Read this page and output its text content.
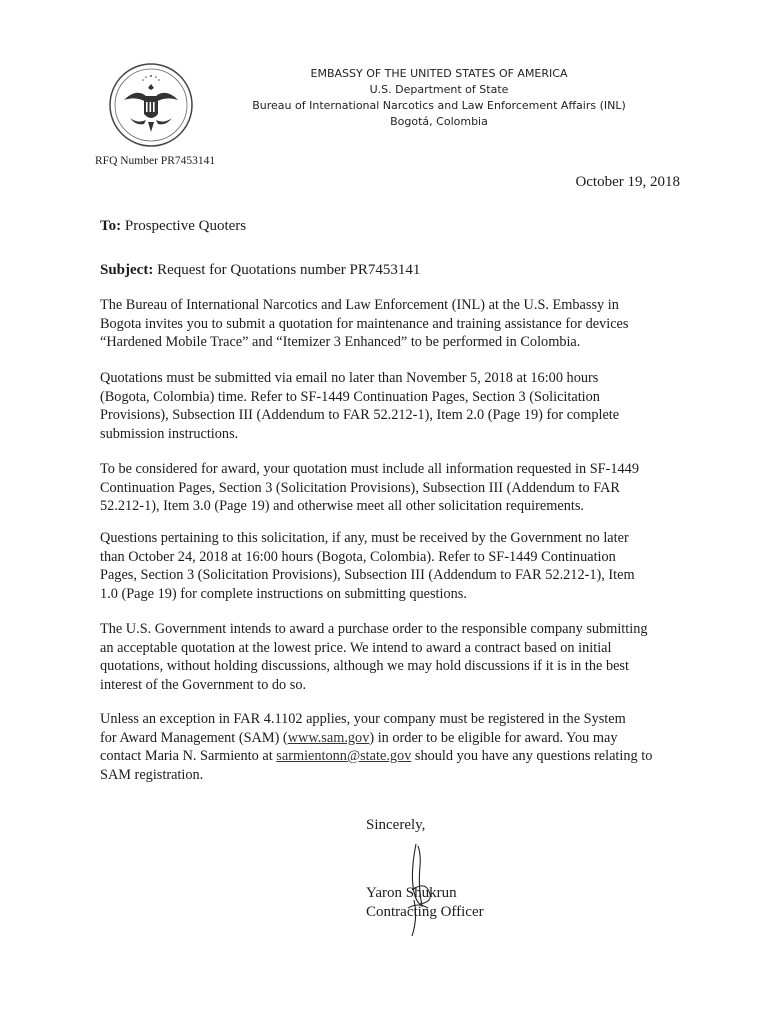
EMBASSY OF THE UNITED STATES OF AMERICA
U.S. Department of State
Bureau of International Narcotics and Law Enforcement Affairs (INL)
Bogotá, Colombia
RFQ Number PR7453141
October 19, 2018
To: Prospective Quoters
Subject: Request for Quotations number PR7453141
The Bureau of International Narcotics and Law Enforcement (INL) at the U.S. Embassy in
Bogota invites you to submit a quotation for maintenance and training assistance for devices
“Hardened Mobile Trace” and “Itemizer 3 Enhanced” to be performed in Colombia.
Quotations must be submitted via email no later than November 5, 2018 at 16:00 hours
(Bogota, Colombia) time. Refer to SF-1449 Continuation Pages, Section 3 (Solicitation
Provisions), Subsection III (Addendum to FAR 52.212-1), Item 2.0 (Page 19) for complete
submission instructions.
To be considered for award, your quotation must include all information requested in SF-1449
Continuation Pages, Section 3 (Solicitation Provisions), Subsection III (Addendum to FAR
52.212-1), Item 3.0 (Page 19) and otherwise meet all other solicitation requirements.
Questions pertaining to this solicitation, if any, must be received by the Government no later
than October 24, 2018 at 16:00 hours (Bogota, Colombia). Refer to SF-1449 Continuation
Pages, Section 3 (Solicitation Provisions), Subsection III (Addendum to FAR 52.212-1), Item
1.0 (Page 19) for complete instructions on submitting questions.
The U.S. Government intends to award a purchase order to the responsible company submitting
an acceptable quotation at the lowest price. We intend to award a contract based on initial
quotations, without holding discussions, although we may hold discussions if it is in the best
interest of the Government to do so.
Unless an exception in FAR 4.1102 applies, your company must be registered in the System
for Award Management (SAM) (www.sam.gov) in order to be eligible for award. You may
contact Maria N. Sarmiento at sarmientonn@state.gov should you have any questions relating to
SAM registration.
Sincerely,
Yaron Shukrun
Contracting Officer
